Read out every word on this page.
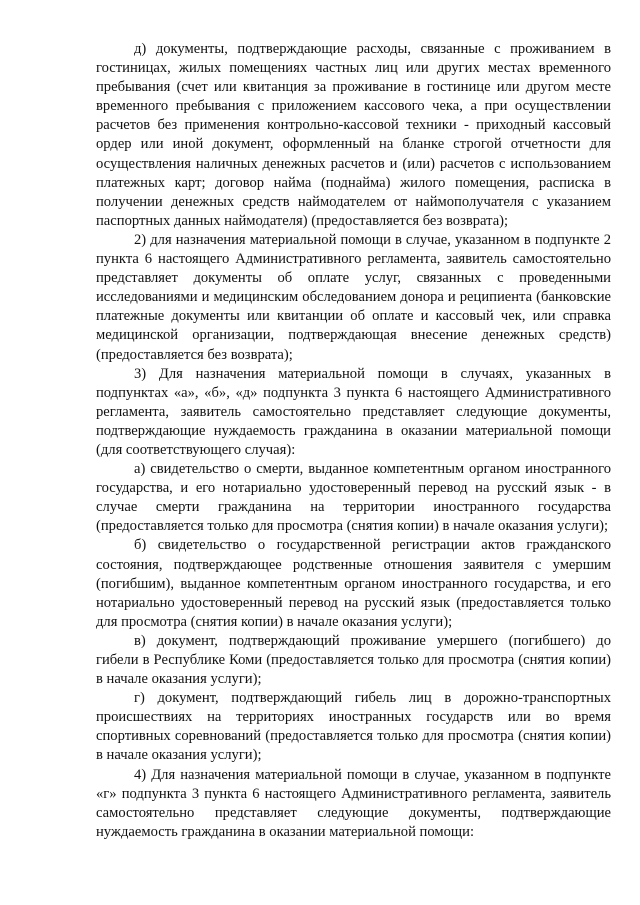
д) документы, подтверждающие расходы, связанные с проживанием в гостиницах, жилых помещениях частных лиц или других местах временного пребывания (счет или квитанция за проживание в гостинице или другом месте временного пребывания с приложением кассового чека, а при осуществлении расчетов без применения контрольно-кассовой техники - приходный кассовый ордер или иной документ, оформленный на бланке строгой отчетности для осуществления наличных денежных расчетов и (или) расчетов с использованием платежных карт; договор найма (поднайма) жилого помещения, расписка в получении денежных средств наймодателем от наймополучателя с указанием паспортных данных наймодателя) (предоставляется без возврата);

2) для назначения материальной помощи в случае, указанном в подпункте 2 пункта 6 настоящего Административного регламента, заявитель самостоятельно представляет документы об оплате услуг, связанных с проведенными исследованиями и медицинским обследованием донора и реципиента (банковские платежные документы или квитанции об оплате и кассовый чек, или справка медицинской организации, подтверждающая внесение денежных средств) (предоставляется без возврата);

3) Для назначения материальной помощи в случаях, указанных в подпунктах «а», «б», «д» подпункта 3 пункта 6 настоящего Административного регламента, заявитель самостоятельно представляет следующие документы, подтверждающие нуждаемость гражданина в оказании материальной помощи (для соответствующего случая):

а) свидетельство о смерти, выданное компетентным органом иностранного государства, и его нотариально удостоверенный перевод на русский язык - в случае смерти гражданина на территории иностранного государства (предоставляется только для просмотра (снятия копии) в начале оказания услуги);

б) свидетельство о государственной регистрации актов гражданского состояния, подтверждающее родственные отношения заявителя с умершим (погибшим), выданное компетентным органом иностранного государства, и его нотариально удостоверенный перевод на русский язык (предоставляется только для просмотра (снятия копии) в начале оказания услуги);

в) документ, подтверждающий проживание умершего (погибшего) до гибели в Республике Коми (предоставляется только для просмотра (снятия копии) в начале оказания услуги);

г) документ, подтверждающий гибель лиц в дорожно-транспортных происшествиях на территориях иностранных государств или во время спортивных соревнований (предоставляется только для просмотра (снятия копии) в начале оказания услуги);

4) Для назначения материальной помощи в случае, указанном в подпункте «г» подпункта 3 пункта 6 настоящего Административного регламента, заявитель самостоятельно представляет следующие документы, подтверждающие нуждаемость гражданина в оказании материальной помощи:
